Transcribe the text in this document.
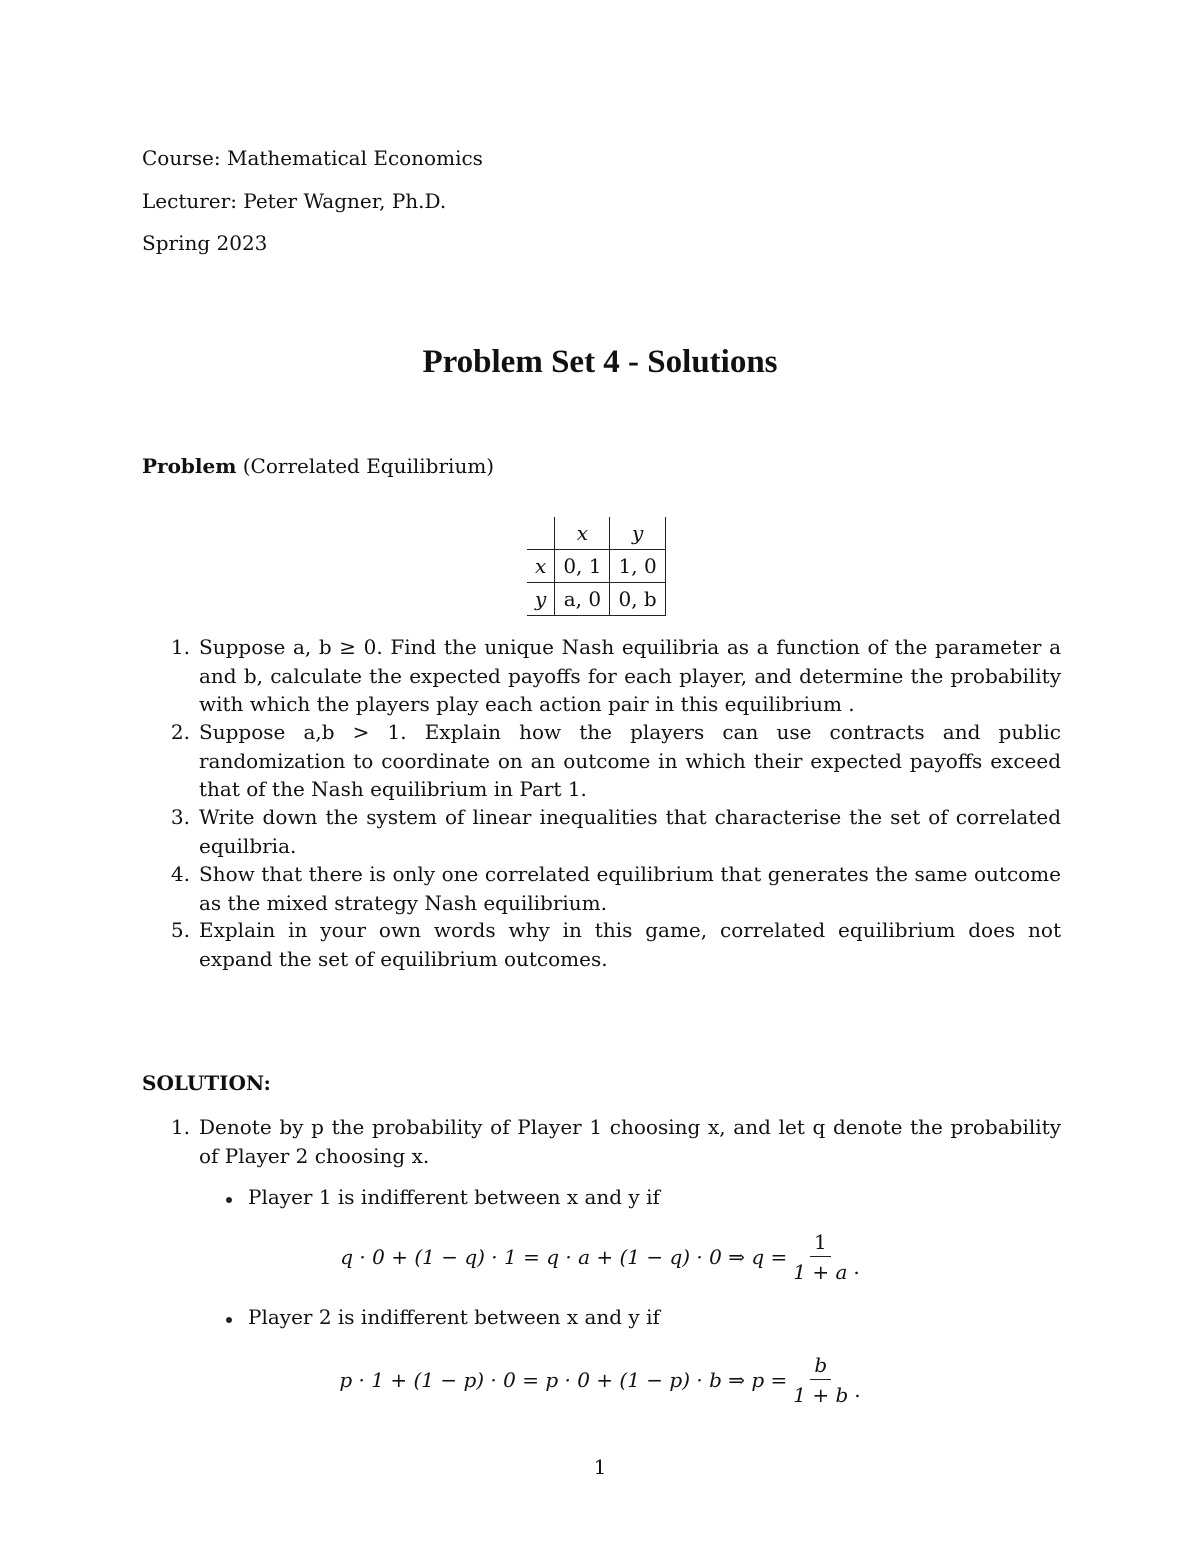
Course: Mathematical Economics
Lecturer: Peter Wagner, Ph.D.
Spring 2023
Problem Set 4 - Solutions
Problem (Correlated Equilibrium)
	x	y
x	0, 1	1, 0
y	a, 0	0, b
1. Suppose a, b ≥ 0. Find the unique Nash equilibria as a function of the parameter a and b, calculate the expected payoffs for each player, and determine the probability with which the players play each action pair in this equilibrium .
2. Suppose a,b > 1. Explain how the players can use contracts and public randomization to coordinate on an outcome in which their expected payoffs exceed that of the Nash equilibrium in Part 1.
3. Write down the system of linear inequalities that characterise the set of correlated equilbria.
4. Show that there is only one correlated equilibrium that generates the same outcome as the mixed strategy Nash equilibrium.
5. Explain in your own words why in this game, correlated equilibrium does not expand the set of equilibrium outcomes.
SOLUTION:
1. Denote by p the probability of Player 1 choosing x, and let q denote the probability of Player 2 choosing x.
Player 1 is indifferent between x and y if
q · 0 + (1 − q) · 1 = q · a + (1 − q) · 0 ⇒ $q = \frac{1}{1 + a}$ .
Player 2 is indifferent between x and y if
p · 1 + (1 − p) · 0 = p · 0 + (1 − p) · b ⇒ $p = \frac{b}{1 + b}$ .
1
